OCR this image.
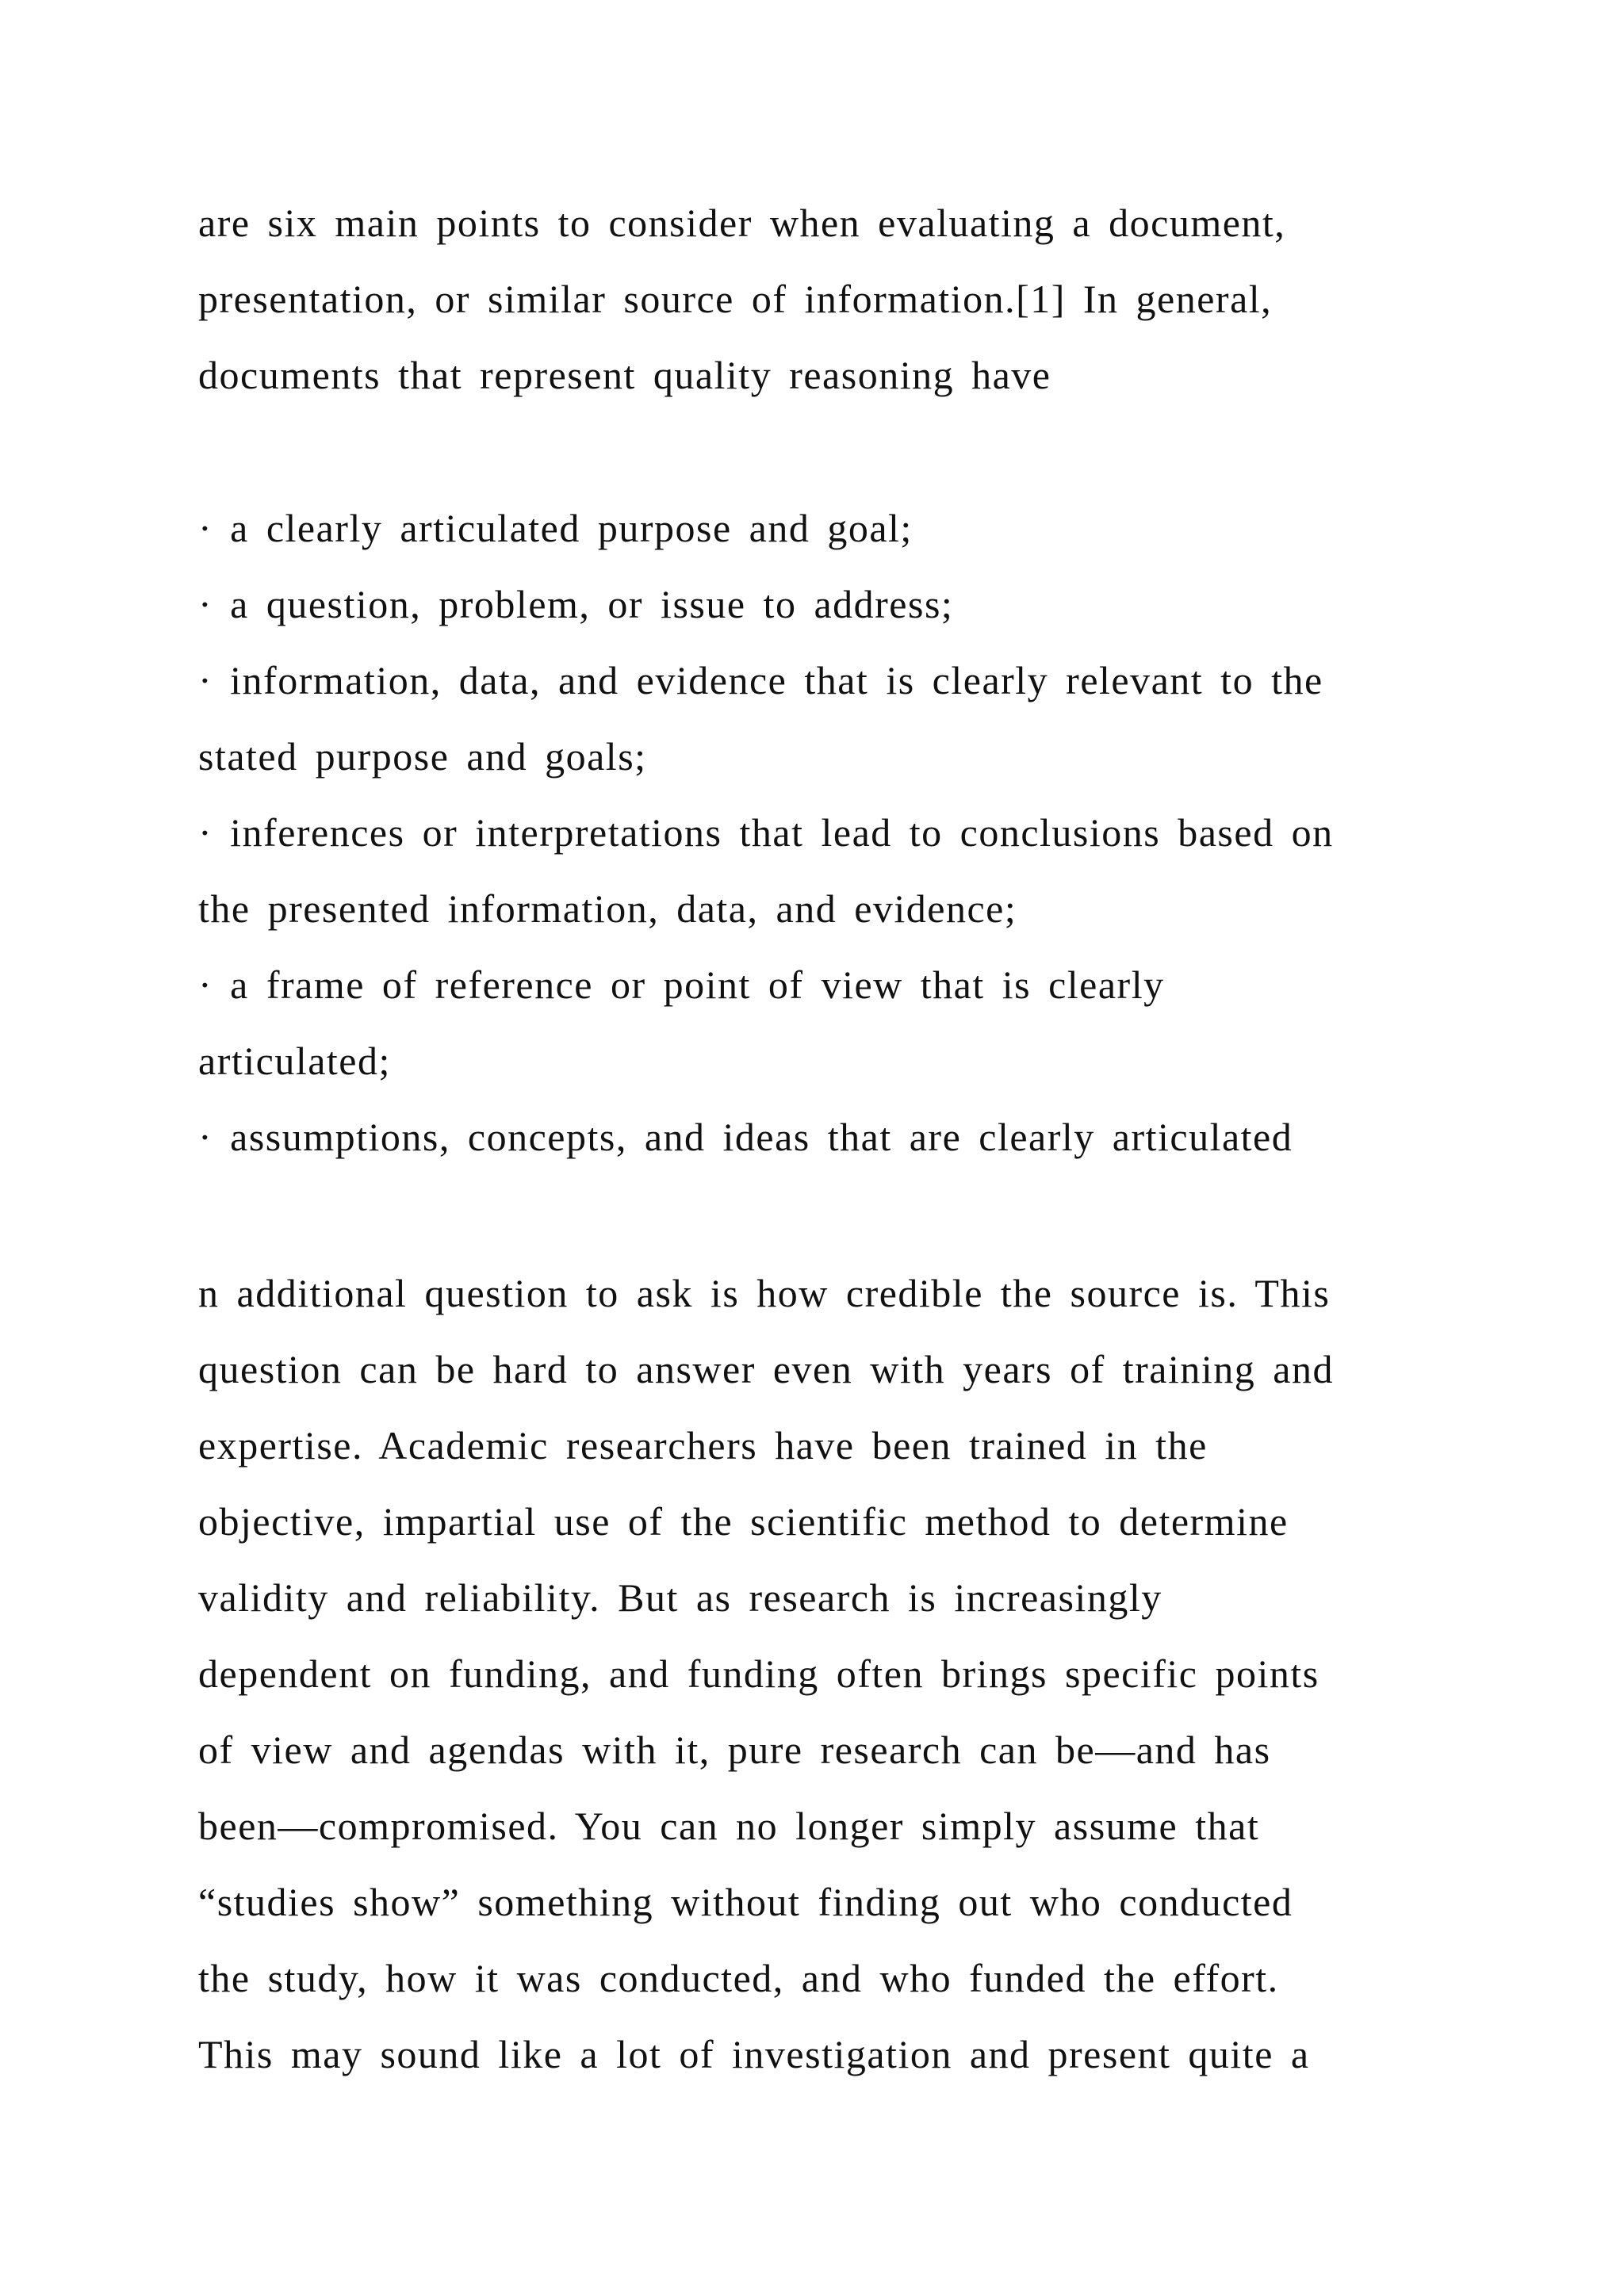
are six main points to consider when evaluating a document,
presentation, or similar source of information.[1] In general,
documents that represent quality reasoning have
· a clearly articulated purpose and goal;
· a question, problem, or issue to address;
· information, data, and evidence that is clearly relevant to the
stated purpose and goals;
· inferences or interpretations that lead to conclusions based on
the presented information, data, and evidence;
· a frame of reference or point of view that is clearly
articulated;
· assumptions, concepts, and ideas that are clearly articulated
n additional question to ask is how credible the source is. This
question can be hard to answer even with years of training and
expertise. Academic researchers have been trained in the
objective, impartial use of the scientific method to determine
validity and reliability. But as research is increasingly
dependent on funding, and funding often brings specific points
of view and agendas with it, pure research can be—and has
been—compromised. You can no longer simply assume that
“studies show” something without finding out who conducted
the study, how it was conducted, and who funded the effort.
This may sound like a lot of investigation and present quite a
